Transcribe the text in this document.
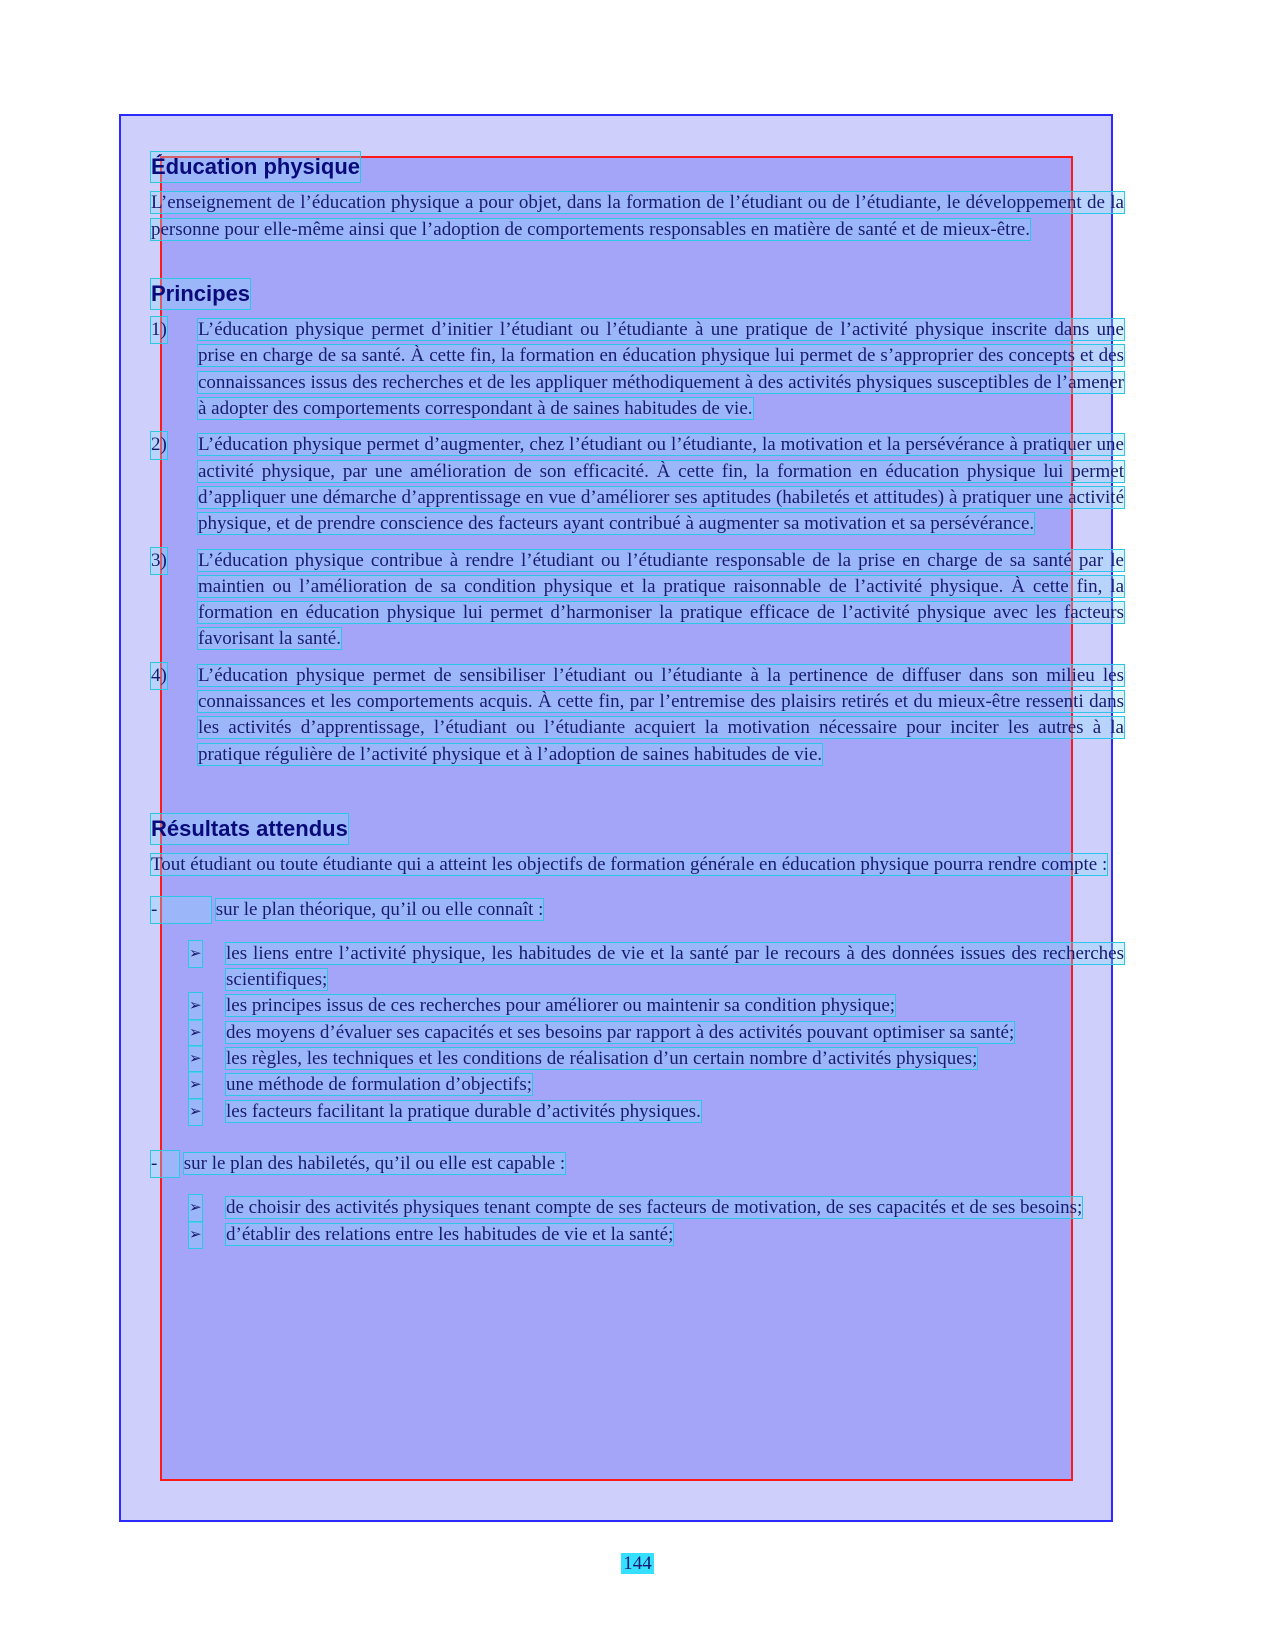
Éducation physique

L’enseignement de l’éducation physique a pour objet, dans la formation de l’étudiant ou de l’étudiante, le développement de la personne pour elle-même ainsi que l’adoption de comportements responsables en matière de santé et de mieux-être.

Principes
1) L’éducation physique permet d’initier l’étudiant ou l’étudiante à une pratique de l’activité physique inscrite dans une prise en charge de sa santé. À cette fin, la formation en éducation physique lui permet de s’approprier des concepts et des connaissances issus des recherches et de les appliquer méthodiquement à des activités physiques susceptibles de l’amener à adopter des comportements correspondant à de saines habitudes de vie.
2) L’éducation physique permet d’augmenter, chez l’étudiant ou l’étudiante, la motivation et la persévérance à pratiquer une activité physique, par une amélioration de son efficacité. À cette fin, la formation en éducation physique lui permet d’appliquer une démarche d’apprentissage en vue d’améliorer ses aptitudes (habiletés et attitudes) à pratiquer une activité physique, et de prendre conscience des facteurs ayant contribué à augmenter sa motivation et sa persévérance.
3) L’éducation physique contribue à rendre l’étudiant ou l’étudiante responsable de la prise en charge de sa santé par le maintien ou l’amélioration de sa condition physique et la pratique raisonnable de l’activité physique. À cette fin, la formation en éducation physique lui permet d’harmoniser la pratique efficace de l’activité physique avec les facteurs favorisant la santé.
4) L’éducation physique permet de sensibiliser l’étudiant ou l’étudiante à la pertinence de diffuser dans son milieu les connaissances et les comportements acquis. À cette fin, par l’entremise des plaisirs retirés et du mieux-être ressenti dans les activités d’apprentissage, l’étudiant ou l’étudiante acquiert la motivation nécessaire pour inciter les autres à la pratique régulière de l’activité physique et à l’adoption de saines habitudes de vie.
Résultats attendus

Tout étudiant ou toute étudiante qui a atteint les objectifs de formation générale en éducation physique pourra rendre compte :

-	sur le plan théorique, qu’il ou elle connaît :
➢ les liens entre l’activité physique, les habitudes de vie et la santé par le recours à des données issues des recherches scientifiques;
➢ les principes issus de ces recherches pour améliorer ou maintenir sa condition physique;
➢ des moyens d’évaluer ses capacités et ses besoins par rapport à des activités pouvant optimiser sa santé;
➢ les règles, les techniques et les conditions de réalisation d’un certain nombre d’activités physiques;
➢ une méthode de formulation d’objectifs;
➢ les facteurs facilitant la pratique durable d’activités physiques.
- sur le plan des habiletés, qu’il ou elle est capable :
➢ de choisir des activités physiques tenant compte de ses facteurs de motivation, de ses capacités et de ses besoins;
➢ d’établir des relations entre les habitudes de vie et la santé;
144
